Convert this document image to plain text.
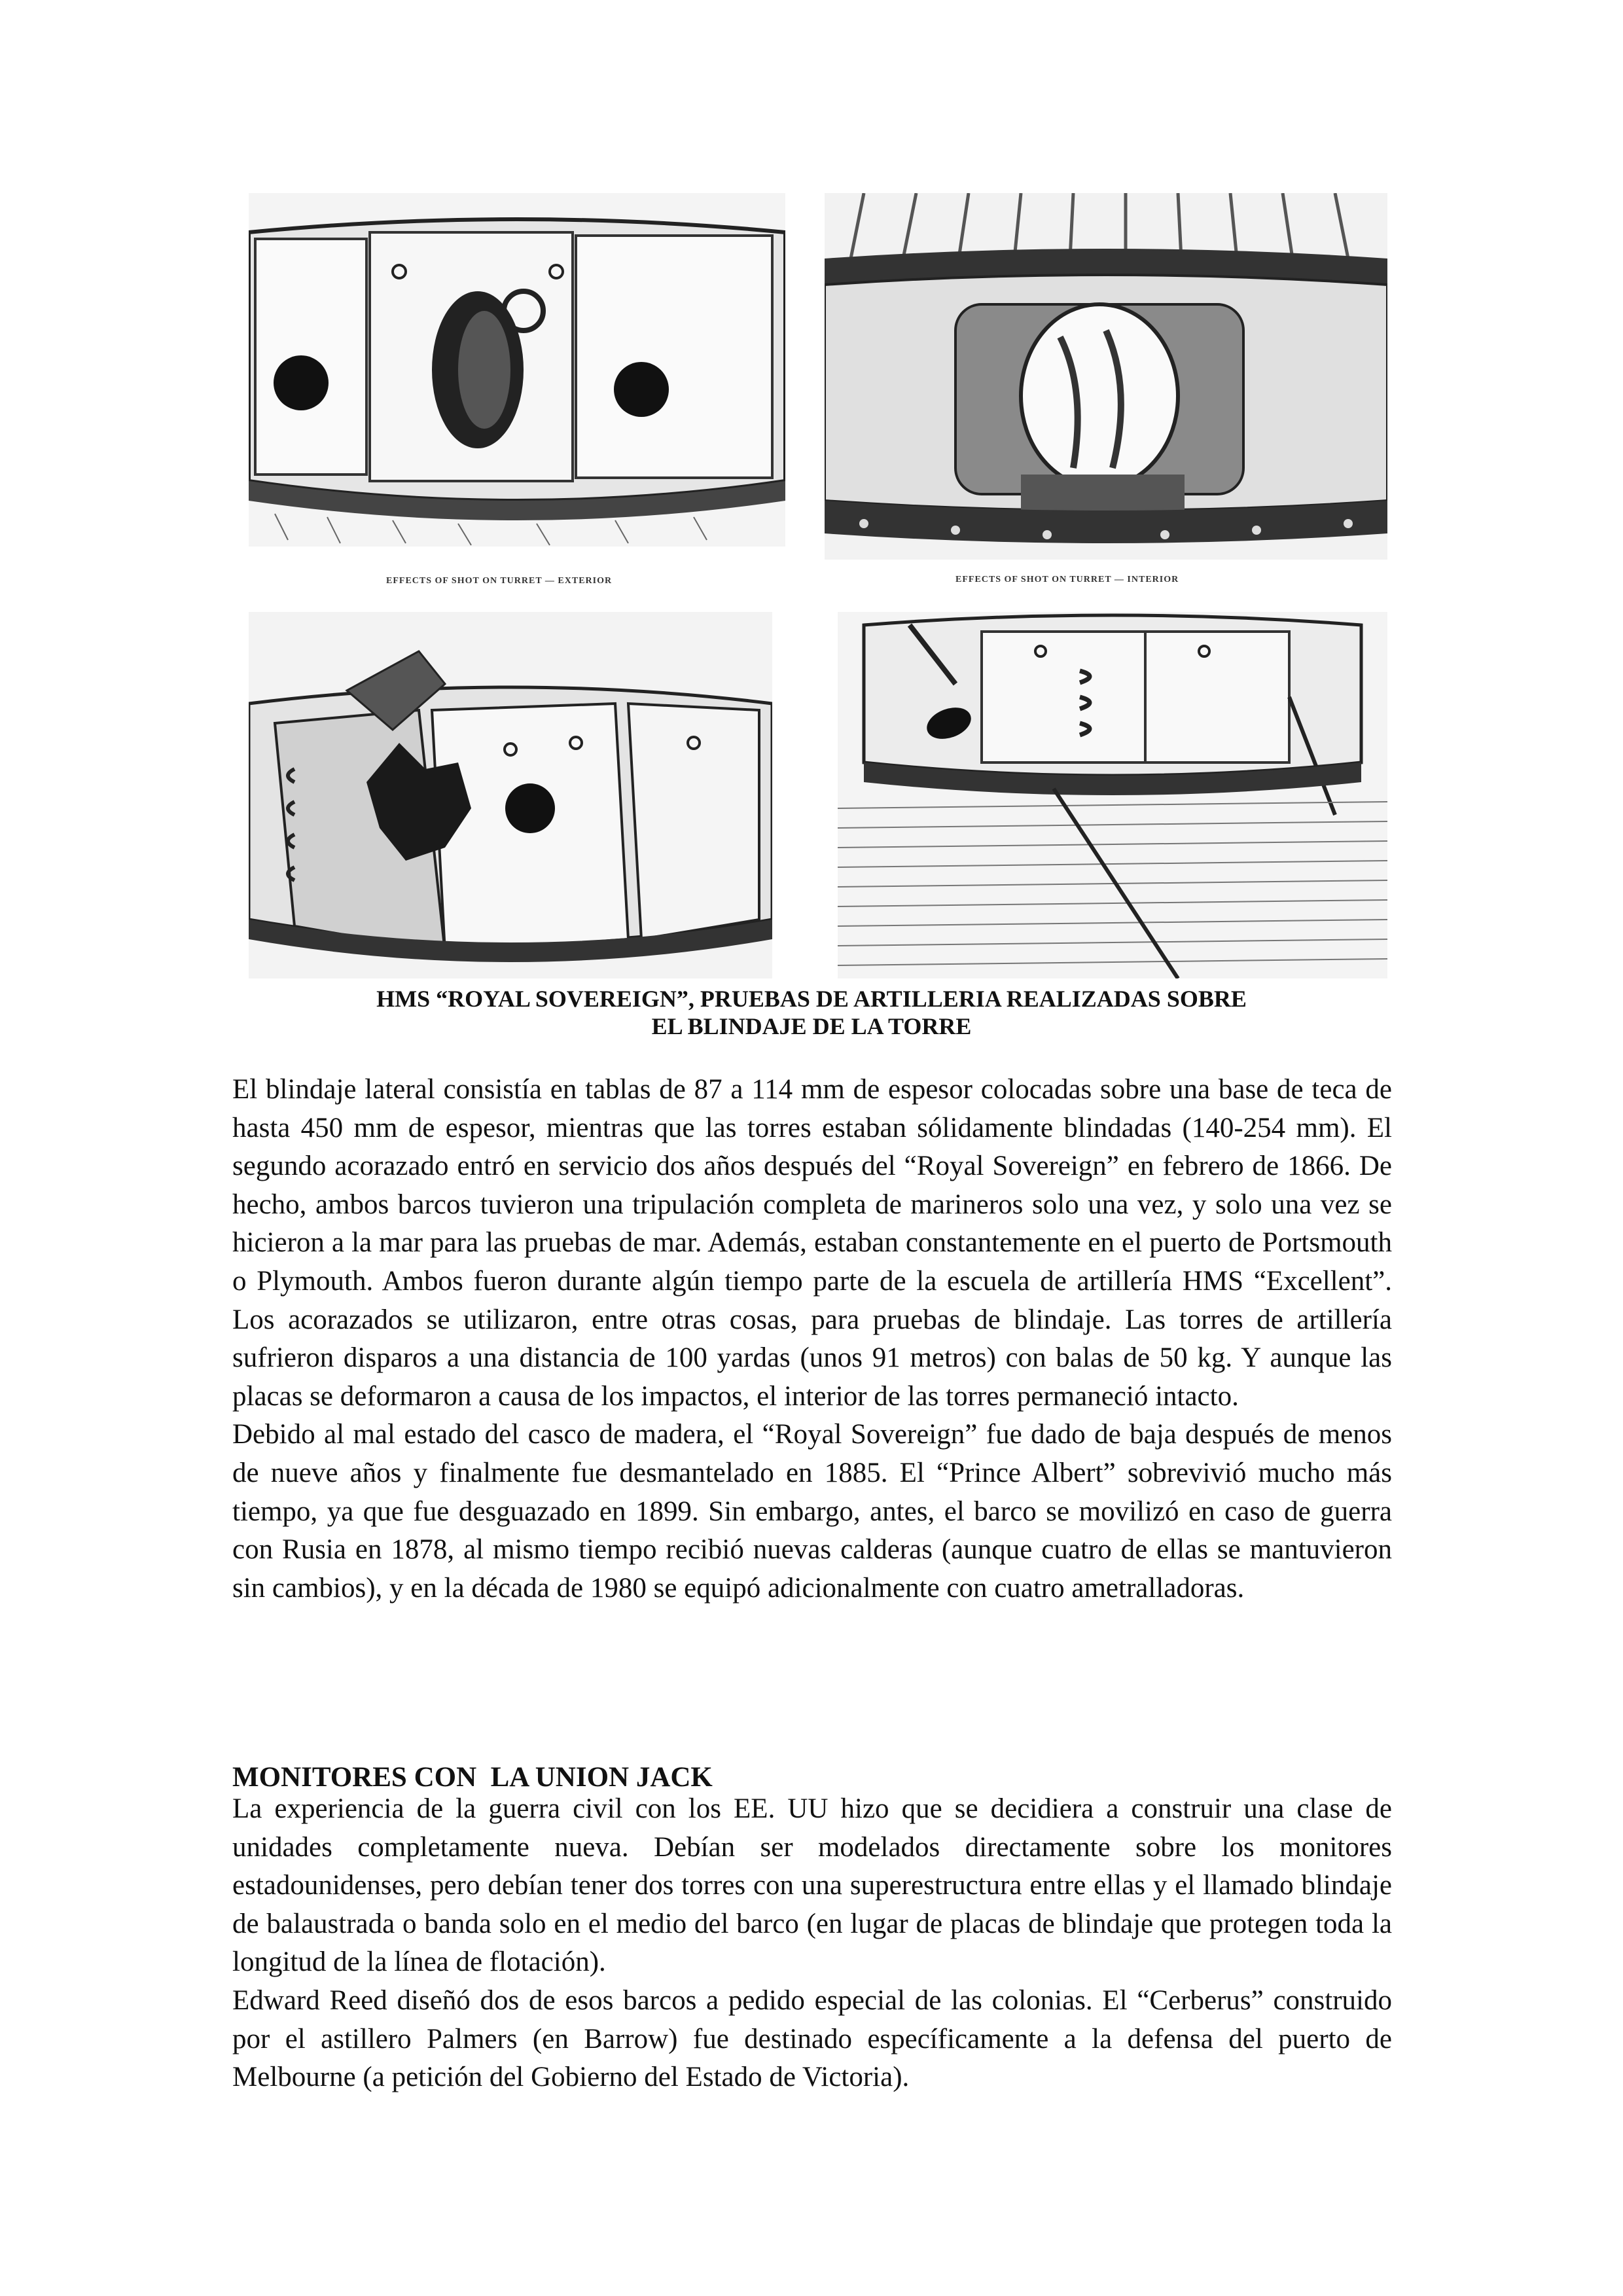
EFFECTS OF SHOT ON TURRET — EXTERIOR	EFFECTS OF SHOT ON TURRET — INTERIOR
HMS “ROYAL SOVEREIGN”, PRUEBAS DE ARTILLERIA REALIZADAS SOBRE
EL BLINDAJE DE LA TORRE

El blindaje lateral consistía en tablas de 87 a 114 mm de espesor colocadas sobre una base de teca de hasta 450 mm de espesor, mientras que las torres estaban sólidamente blindadas (140-254 mm). El segundo acorazado entró en servicio dos años después del “Royal Sovereign” en febrero de 1866. De hecho, ambos barcos tuvieron una tripulación completa de marineros solo una vez, y solo una vez se hicieron a la mar para las pruebas de mar. Además, estaban constantemente en el puerto de Portsmouth o Plymouth. Ambos fueron durante algún tiempo parte de la escuela de artillería HMS “Excellent”. Los acorazados se utilizaron, entre otras cosas, para pruebas de blindaje. Las torres de artillería sufrieron disparos a una distancia de 100 yardas (unos 91 metros) con balas de 50 kg. Y aunque las placas se deformaron a causa de los impactos, el interior de las torres permaneció intacto.

Debido al mal estado del casco de madera, el “Royal Sovereign” fue dado de baja después de menos de nueve años y finalmente fue desmantelado en 1885. El “Prince Albert” sobrevivió mucho más tiempo, ya que fue desguazado en 1899. Sin embargo, antes, el barco se movilizó en caso de guerra con Rusia en 1878, al mismo tiempo recibió nuevas calderas (aunque cuatro de ellas se mantuvieron sin cambios), y en la década de 1980 se equipó adicionalmente con cuatro ametralladoras.

MONITORES CON  LA UNION JACK

La experiencia de la guerra civil con los EE. UU hizo que se decidiera a construir una clase de unidades completamente nueva. Debían ser modelados directamente sobre los monitores estadounidenses, pero debían tener dos torres con una superestructura entre ellas y el llamado blindaje de balaustrada o banda solo en el medio del barco (en lugar de placas de blindaje que protegen toda la longitud de la línea de flotación).

Edward Reed diseñó dos de esos barcos a pedido especial de las colonias. El “Cerberus” construido por el astillero Palmers (en Barrow) fue destinado específicamente a la defensa del puerto de Melbourne (a petición del Gobierno del Estado de Victoria).
